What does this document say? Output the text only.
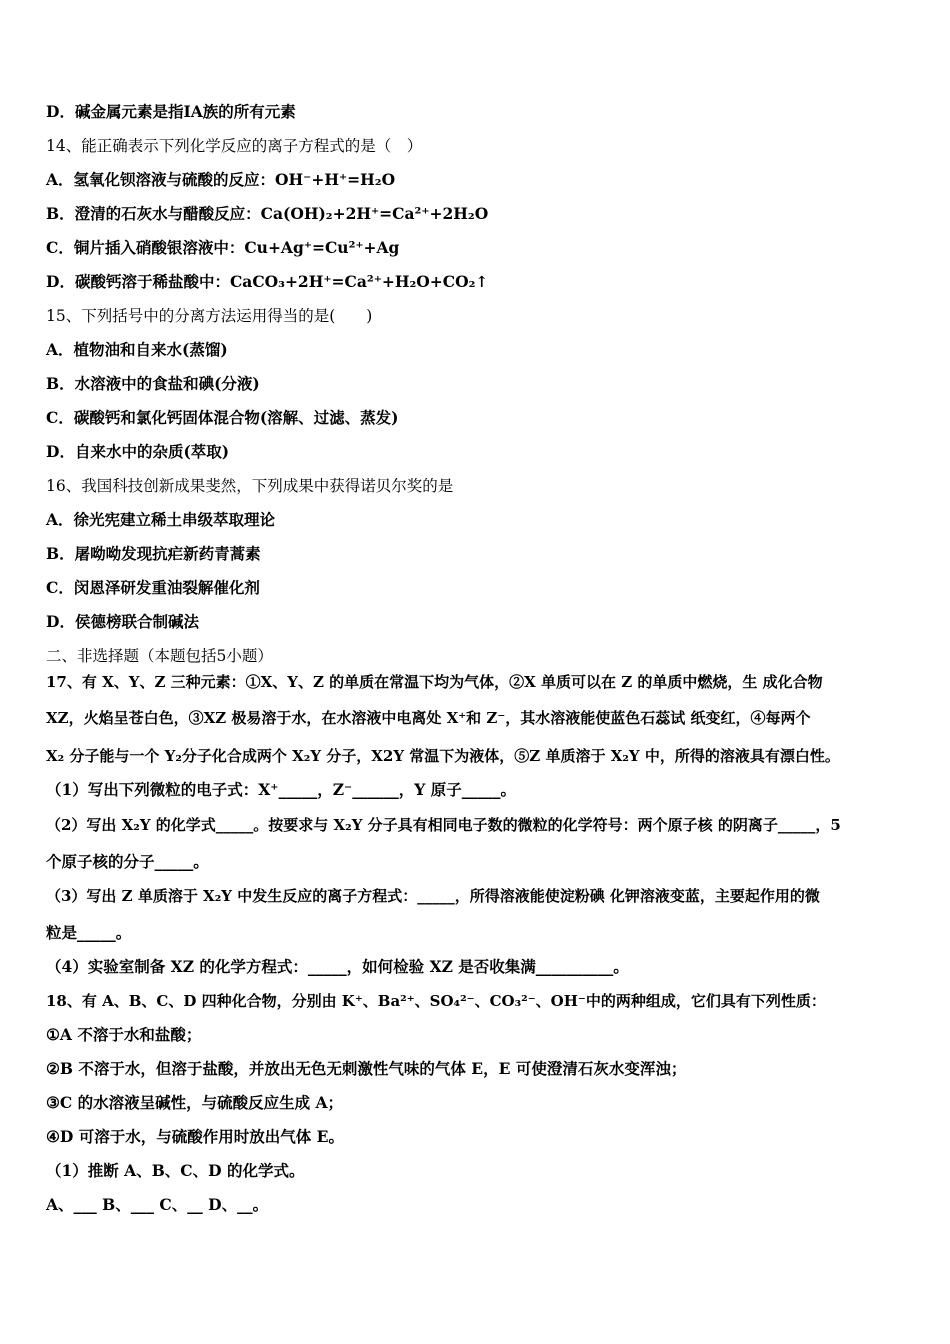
D．碱金属元素是指ⅠA族的所有元素
14、能正确表示下列化学反应的离子方程式的是（　）
A．氢氧化钡溶液与硫酸的反应：OH⁻+H⁺=H₂O
B．澄清的石灰水与醋酸反应：Ca(OH)₂+2H⁺=Ca²⁺+2H₂O
C．铜片插入硝酸银溶液中：Cu+Ag⁺=Cu²⁺+Ag
D．碳酸钙溶于稀盐酸中：CaCO₃+2H⁺=Ca²⁺+H₂O+CO₂↑
15、下列括号中的分离方法运用得当的是(　　)
A．植物油和自来水(蒸馏)
B．水溶液中的食盐和碘(分液)
C．碳酸钙和氯化钙固体混合物(溶解、过滤、蒸发)
D．自来水中的杂质(萃取)
16、我国科技创新成果斐然，下列成果中获得诺贝尔奖的是
A．徐光宪建立稀土串级萃取理论
B．屠呦呦发现抗疟新药青蒿素
C．闵恩泽研发重油裂解催化剂
D．侯德榜联合制碱法
二、非选择题（本题包括5小题）
17、有 X、Y、Z 三种元素：①X、Y、Z 的单质在常温下均为气体，②X 单质可以在 Z 的单质中燃烧，生 成化合物
XZ，火焰呈苍白色，③XZ 极易溶于水，在水溶液中电离处 X⁺和 Z⁻，其水溶液能使蓝色石蕊试 纸变红，④每两个
X₂ 分子能与一个 Y₂分子化合成两个 X₂Y 分子，X2Y 常温下为液体，⑤Z 单质溶于 X₂Y 中，所得的溶液具有漂白性。
（1）写出下列微粒的电子式：X⁺_____，Z⁻______，Y 原子_____。
（2）写出 X₂Y 的化学式_____。按要求与 X₂Y 分子具有相同电子数的微粒的化学符号：两个原子核 的阴离子_____，5
个原子核的分子_____。
（3）写出 Z 单质溶于 X₂Y 中发生反应的离子方程式：_____，所得溶液能使淀粉碘 化钾溶液变蓝，主要起作用的微
粒是_____。
（4）实验室制备 XZ 的化学方程式：_____，如何检验 XZ 是否收集满__________。
18、有 A、B、C、D 四种化合物，分别由 K⁺、Ba²⁺、SO₄²⁻、CO₃²⁻、OH⁻中的两种组成，它们具有下列性质：
①A 不溶于水和盐酸；
②B 不溶于水，但溶于盐酸，并放出无色无刺激性气味的气体 E，E 可使澄清石灰水变浑浊；
③C 的水溶液呈碱性，与硫酸反应生成 A；
④D 可溶于水，与硫酸作用时放出气体 E。
（1）推断 A、B、C、D 的化学式。
A、___ B、___ C、__ D、__。
